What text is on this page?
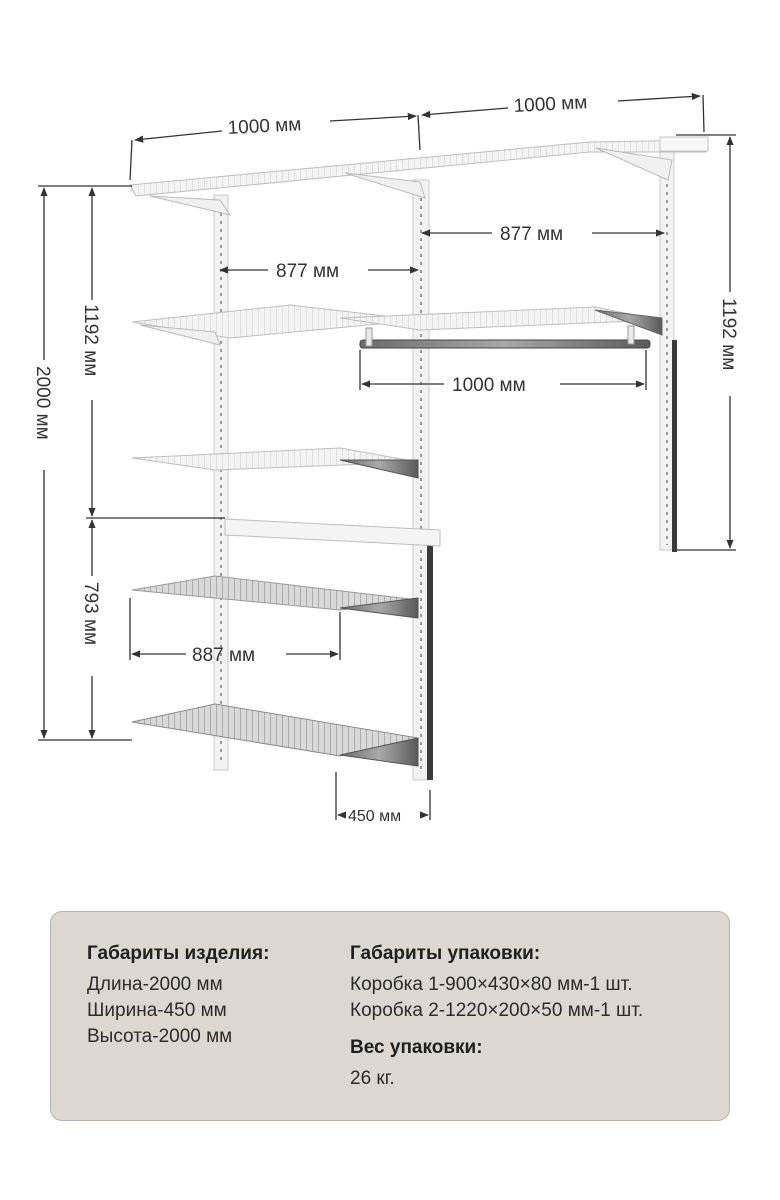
1000 мм
1000 мм
877 мм
877 мм
1000 мм
887 мм
450 мм
2000 мм
1192 мм
793 мм
1192 мм
Габариты изделия:
Длина-2000 мм
Ширина-450 мм
Высота-2000 мм
Габариты упаковки:
Коробка 1-900×430×80 мм-1 шт.
Коробка 2-1220×200×50 мм-1 шт.
Вес упаковки:
26 кг.
